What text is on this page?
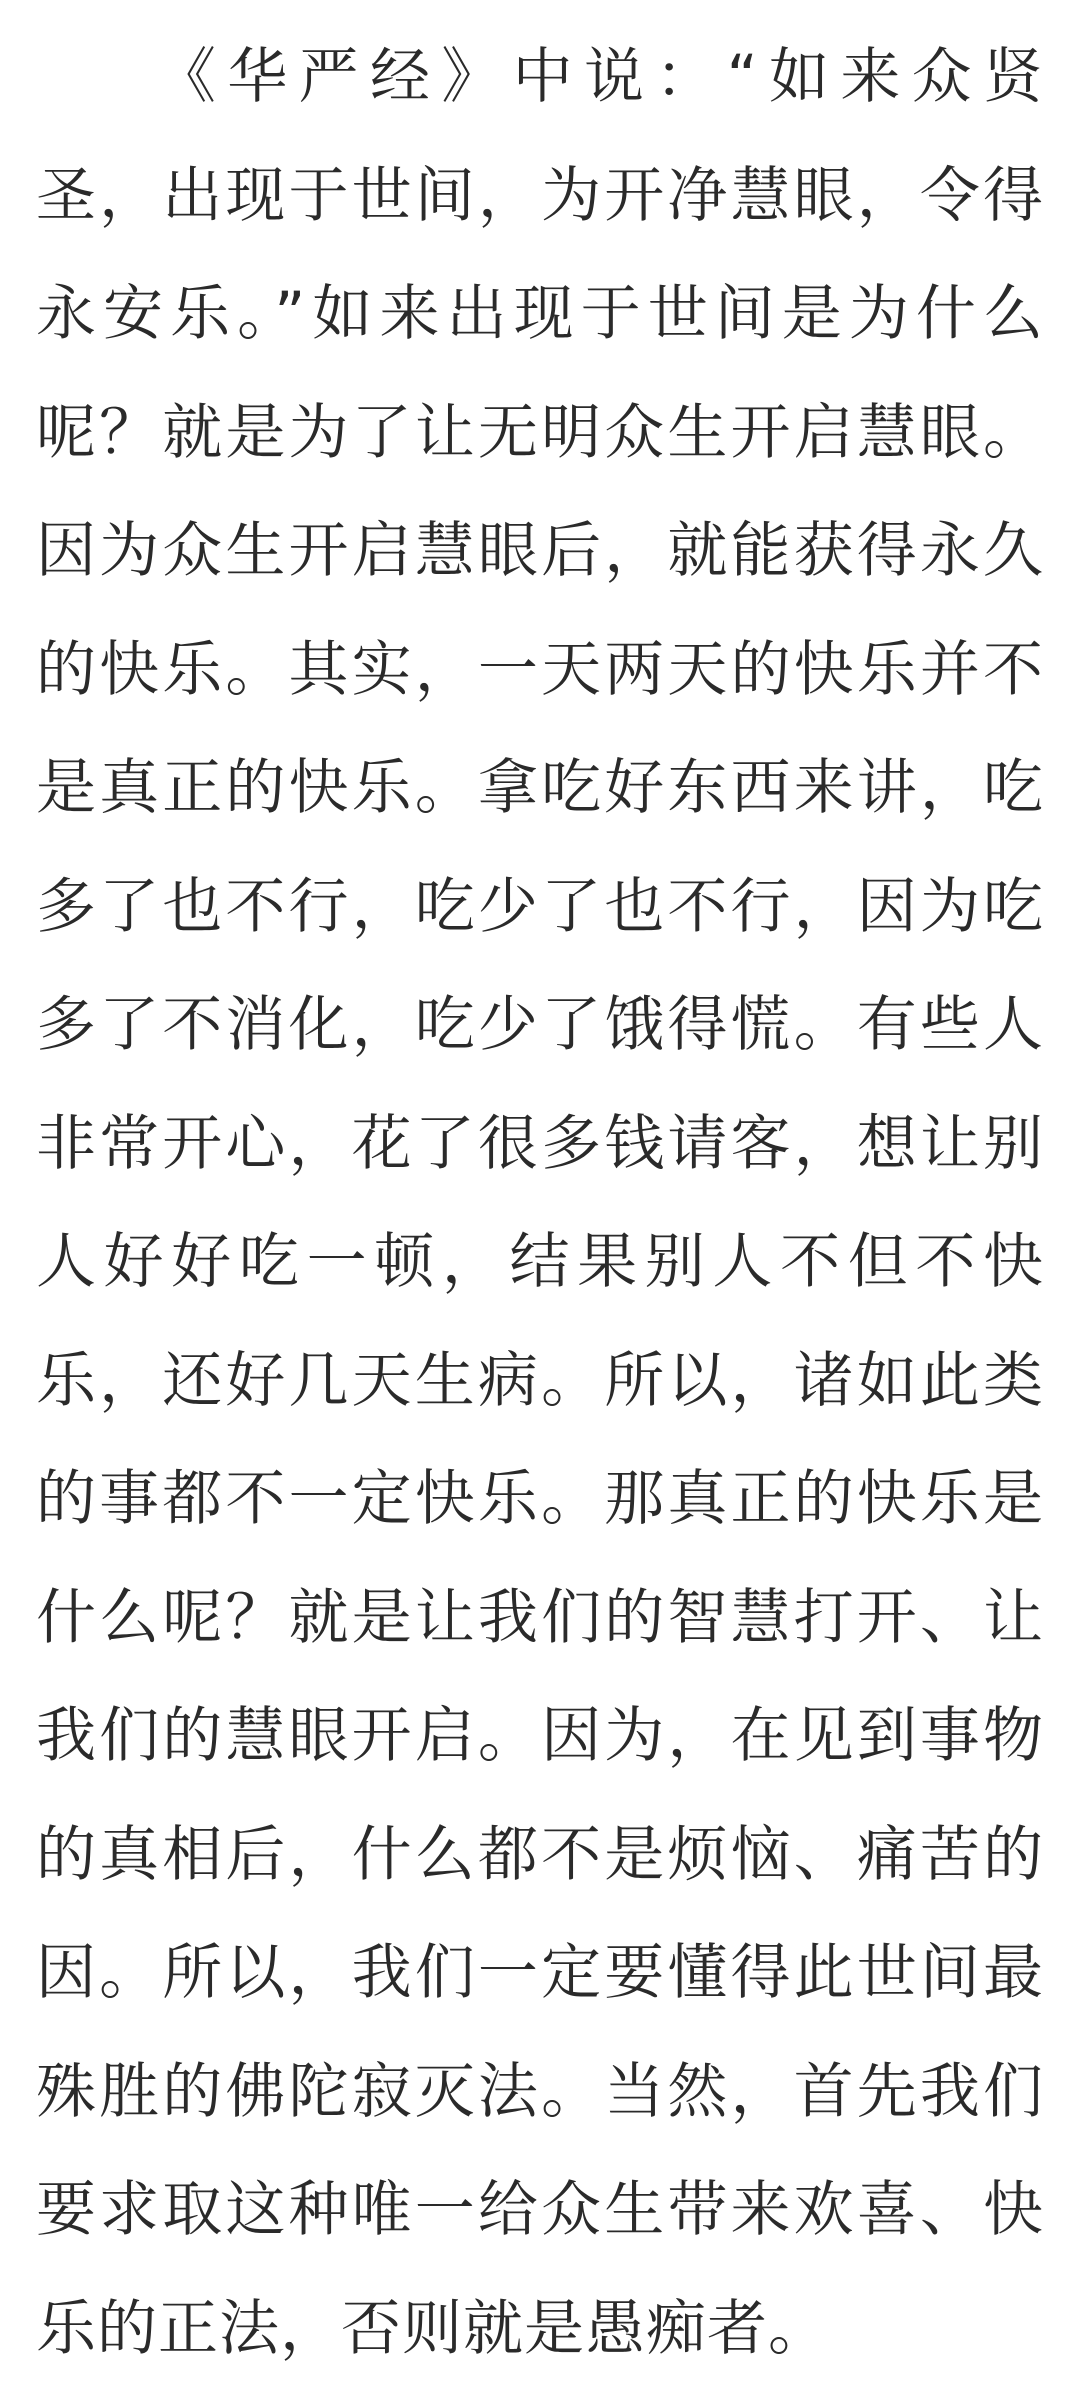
《华严经》中说：“如来众贤
圣，出现于世间，为开净慧眼，令得
永安乐。”如来出现于世间是为什么
呢？就是为了让无明众生开启慧眼。
因为众生开启慧眼后，就能获得永久
的快乐。其实，一天两天的快乐并不
是真正的快乐。拿吃好东西来讲，吃
多了也不行，吃少了也不行，因为吃
多了不消化，吃少了饿得慌。有些人
非常开心，花了很多钱请客，想让别
人好好吃一顿，结果别人不但不快
乐，还好几天生病。所以，诸如此类
的事都不一定快乐。那真正的快乐是
什么呢？就是让我们的智慧打开、让
我们的慧眼开启。因为，在见到事物
的真相后，什么都不是烦恼、痛苦的
因。所以，我们一定要懂得此世间最
殊胜的佛陀寂灭法。当然，首先我们
要求取这种唯一给众生带来欢喜、快
乐的正法，否则就是愚痴者。
